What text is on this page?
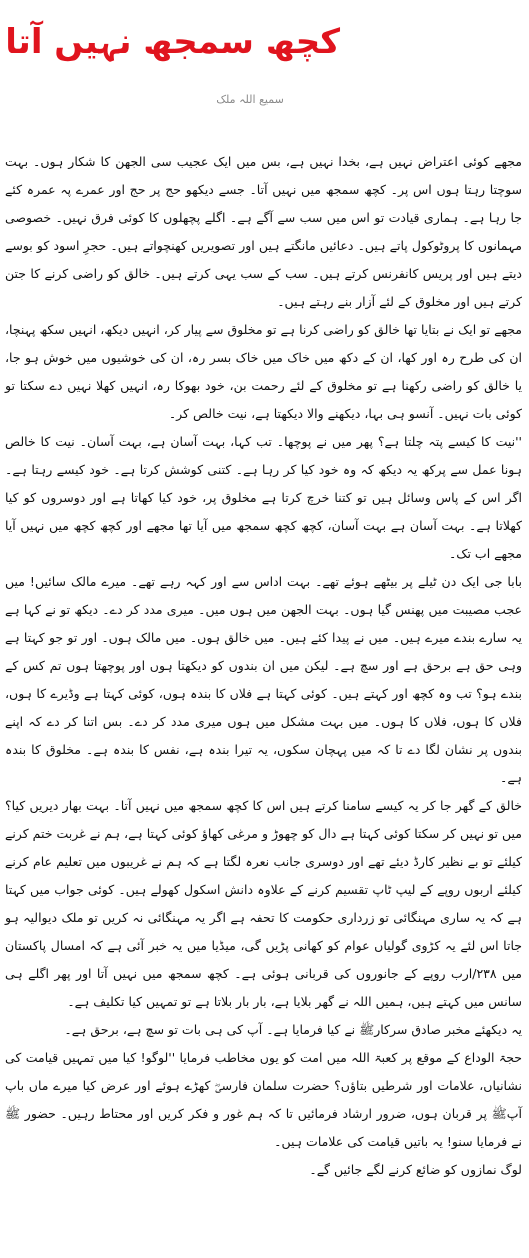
کچھ سمجھ نہیں آتا
سمیع اللہ ملک

مجھے کوئی اعتراض نہیں ہے، بخدا نہیں ہے، بس میں ایک عجیب سی الجھن کا شکار ہوں۔ بہت سوچتا رہتا ہوں اس پر۔ کچھ سمجھ میں نہیں آتا۔ جسے دیکھو حج پر حج اور عمرے پہ عمرہ کئے جا رہا ہے۔ ہماری قیادت تو اس میں سب سے آگے ہے۔ اگلے پچھلوں کا کوئی فرق نہیں۔ خصوصی مہمانوں کا پروٹوکول پاتے ہیں۔ دعائیں مانگتے ہیں اور تصویریں کھنچواتے ہیں۔ حجرِ اسود کو بوسے دیتے ہیں اور پریس کانفرنس کرتے ہیں۔ سب کے سب یہی کرتے ہیں۔ خالق کو راضی کرنے کا جتن کرتے ہیں اور مخلوق کے لئے آزار بنے رہتے ہیں۔

مجھے تو ایک نے بتایا تھا خالق کو راضی کرنا ہے تو مخلوق سے پیار کر، انہیں دیکھ، انہیں سکھ پہنچا، ان کی طرح رہ اور کھا، ان کے دکھ میں خاک میں خاک بسر رہ، ان کی خوشیوں میں خوش ہو جا، یا خالق کو راضی رکھنا ہے تو مخلوق کے لئے رحمت بن، خود بھوکا رہ، انہیں کھلا نہیں دے سکتا تو کوئی بات نہیں۔ آنسو ہی بہا، دیکھنے والا دیکھتا ہے، نیت خالص کر۔

''نیت کا کیسے پتہ چلتا ہے؟ پھر میں نے پوچھا۔ تب کہا، بہت آسان ہے، بہت آسان۔ نیت کا خالص ہونا عمل سے پرکھ یہ دیکھ کہ وہ خود کیا کر رہا ہے۔ کتنی کوشش کرتا ہے۔ خود کیسے رہتا ہے۔ اگر اس کے پاس وسائل ہیں تو کتنا خرچ کرتا ہے مخلوق پر، خود کیا کھاتا ہے اور دوسروں کو کیا کھلاتا ہے۔ بہت آسان ہے بہت آسان، کچھ کچھ سمجھ میں آیا تھا مجھے اور کچھ کچھ میں نہیں آیا مجھے اب تک۔

بابا جی ایک دن ٹیلے پر بیٹھے ہوئے تھے۔ بہت اداس سے اور کہہ رہے تھے۔ میرے مالک سائیں! میں عجب مصیبت میں پھنس گیا ہوں۔ بہت الجھن میں ہوں میں۔ میری مدد کر دے۔ دیکھ تو نے کہا ہے یہ سارے بندے میرے ہیں۔ میں نے پیدا کئے ہیں۔ میں خالق ہوں۔ میں مالک ہوں۔ اور تو جو کہتا ہے وہی حق ہے برحق ہے اور سچ ہے۔ لیکن میں ان بندوں کو دیکھتا ہوں اور پوچھتا ہوں تم کس کے بندے ہو؟ تب وہ کچھ اور کہتے ہیں۔ کوئی کہتا ہے فلاں کا بندہ ہوں، کوئی کہتا ہے وڈیرے کا ہوں، فلاں کا ہوں، فلاں کا ہوں۔ میں بہت مشکل میں ہوں میری مدد کر دے۔ بس اتنا کر دے کہ اپنے بندوں پر نشان لگا دے تا کہ میں پہچان سکوں، یہ تیرا بندہ ہے، نفس کا بندہ ہے۔ مخلوق کا بندہ ہے۔

خالق کے گھر جا کر یہ کیسے سامنا کرتے ہیں اس کا کچھ سمجھ میں نہیں آتا۔ بہت بھار دیریں کیا؟ میں تو نہیں کر سکتا کوئی کہتا ہے دال کو چھوڑ و مرغی کھاؤ کوئی کہتا ہے، ہم نے غربت ختم کرنے کیلئے تو بے نظیر کارڈ دیئے تھے اور دوسری جانب نعرہ لگتا ہے کہ ہم نے غریبوں میں تعلیم عام کرنے کیلئے اربوں روپے کے لیپ ٹاپ تقسیم کرنے کے علاوہ دانش اسکول کھولے ہیں۔ کوئی جواب میں کہتا ہے کہ یہ ساری مہنگائی تو زرداری حکومت کا تحفہ ہے اگر یہ مہنگائی نہ کریں تو ملک دیوالیہ ہو جاتا اس لئے یہ کڑوی گولیاں عوام کو کھانی پڑیں گی، میڈیا میں یہ خبر آئی ہے کہ امسال پاکستان میں ۲۳۸/ارب روپے کے جانوروں کی قربانی ہوئی ہے۔ کچھ سمجھ میں نہیں آتا اور پھر اگلے ہی سانس میں کہتے ہیں، ہمیں اللہ نے گھر بلایا ہے، بار بار بلاتا ہے تو تمہیں کیا تکلیف ہے۔

یہ دیکھئے مخبر صادق سرکارﷺ نے کیا فرمایا ہے۔ آپ کی ہی بات تو سچ ہے، برحق ہے۔

حجۃ الوداع کے موقع پر کعبۃ اللہ میں امت کو یوں مخاطب فرمایا ''لوگو! کیا میں تمہیں قیامت کی نشانیاں، علامات اور شرطیں بتاؤں؟ حضرت سلمان فارسیؓ کھڑے ہوئے اور عرض کیا میرے ماں باپ آپﷺ پر قربان ہوں، ضرور ارشاد فرمائیں تا کہ ہم غور و فکر کریں اور محتاط رہیں۔ حضور ﷺ نے فرمایا سنو! یہ باتیں قیامت کی علامات ہیں۔

لوگ نمازوں کو ضائع کرنے لگے جائیں گے۔
